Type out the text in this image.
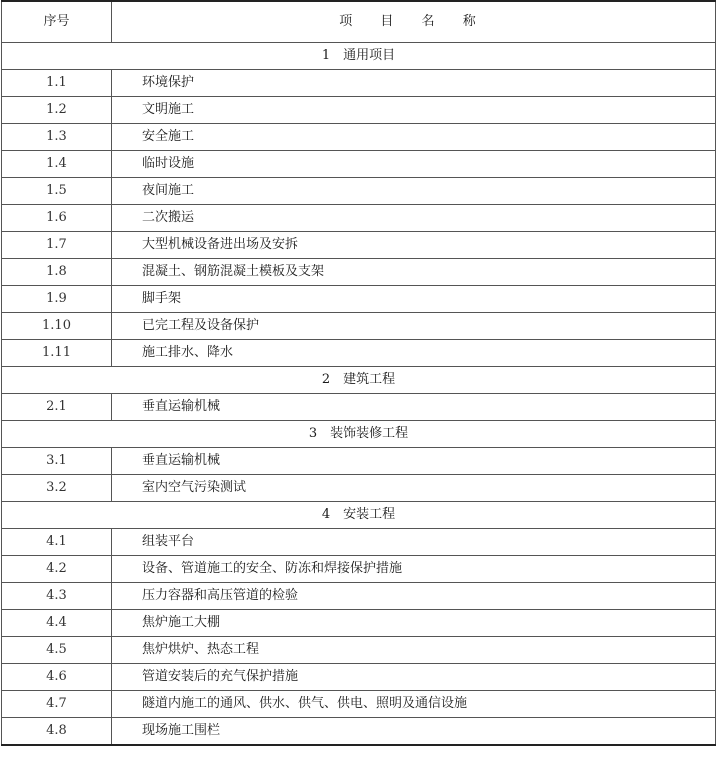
序号	项 目 名 称
1　通用项目	
1.1	环境保护
1.2	文明施工
1.3	安全施工
1.4	临时设施
1.5	夜间施工
1.6	二次搬运
1.7	大型机械设备进出场及安拆
1.8	混凝土、钢筋混凝土模板及支架
1.9	脚手架
1.10	已完工程及设备保护
1.11	施工排水、降水
2　建筑工程	
2.1	垂直运输机械
3　装饰装修工程	
3.1	垂直运输机械
3.2	室内空气污染测试
4　安装工程	
4.1	组装平台
4.2	设备、管道施工的安全、防冻和焊接保护措施
4.3	压力容器和高压管道的检验
4.4	焦炉施工大棚
4.5	焦炉烘炉、热态工程
4.6	管道安装后的充气保护措施
4.7	隧道内施工的通风、供水、供气、供电、照明及通信设施
4.8	现场施工围栏
